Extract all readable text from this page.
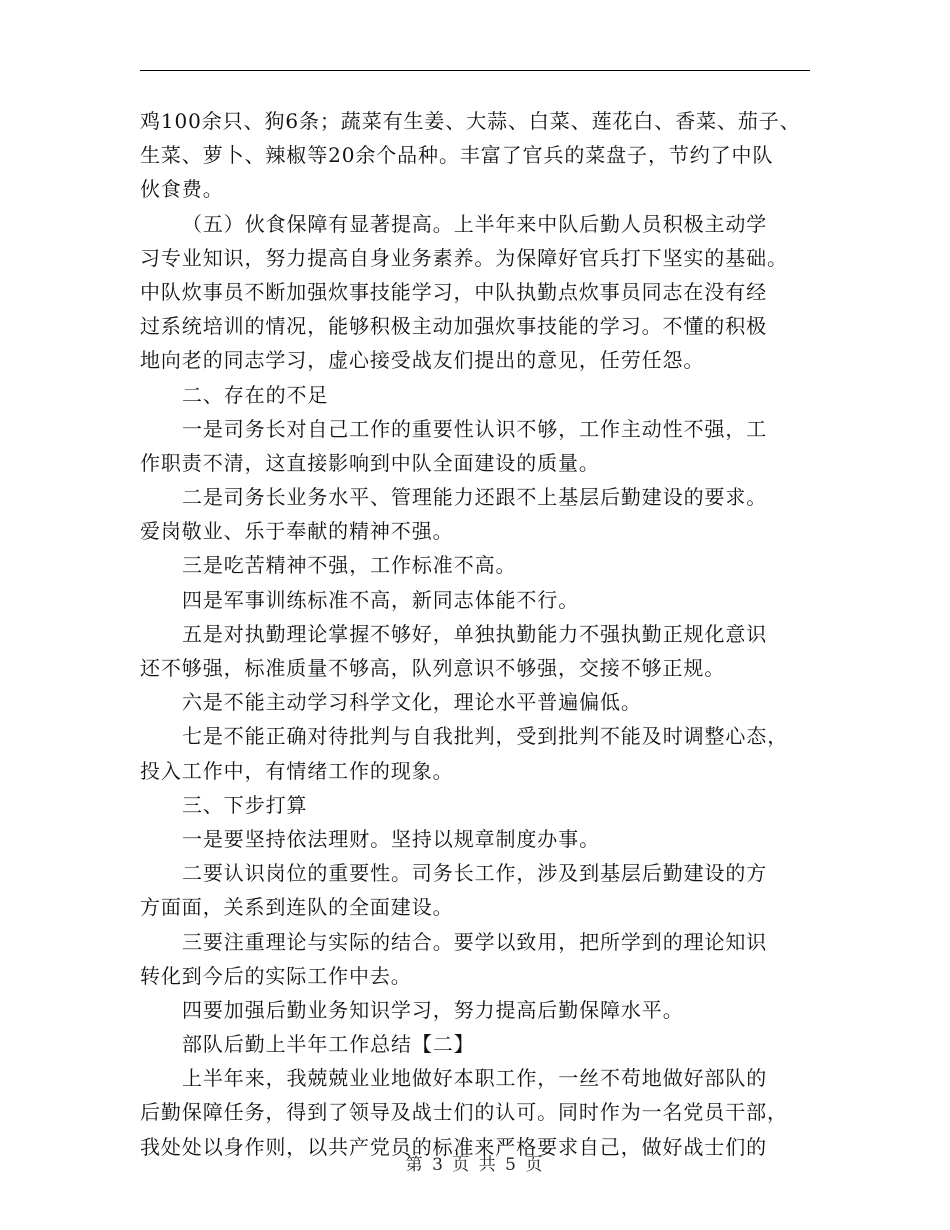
鸡100余只、狗6条；蔬菜有生姜、大蒜、白菜、莲花白、香菜、茄子、
生菜、萝卜、辣椒等20余个品种。丰富了官兵的菜盘子，节约了中队
伙食费。
（五）伙食保障有显著提高。上半年来中队后勤人员积极主动学
习专业知识，努力提高自身业务素养。为保障好官兵打下坚实的基础。
中队炊事员不断加强炊事技能学习，中队执勤点炊事员同志在没有经
过系统培训的情况，能够积极主动加强炊事技能的学习。不懂的积极
地向老的同志学习，虚心接受战友们提出的意见，任劳任怨。
二、存在的不足
一是司务长对自己工作的重要性认识不够，工作主动性不强，工
作职责不清，这直接影响到中队全面建设的质量。
二是司务长业务水平、管理能力还跟不上基层后勤建设的要求。
爱岗敬业、乐于奉献的精神不强。
三是吃苦精神不强，工作标准不高。
四是军事训练标准不高，新同志体能不行。
五是对执勤理论掌握不够好，单独执勤能力不强执勤正规化意识
还不够强，标准质量不够高，队列意识不够强，交接不够正规。
六是不能主动学习科学文化，理论水平普遍偏低。
七是不能正确对待批判与自我批判，受到批判不能及时调整心态，
投入工作中，有情绪工作的现象。
三、下步打算
一是要坚持依法理财。坚持以规章制度办事。
二要认识岗位的重要性。司务长工作，涉及到基层后勤建设的方
方面面，关系到连队的全面建设。
三要注重理论与实际的结合。要学以致用，把所学到的理论知识
转化到今后的实际工作中去。
四要加强后勤业务知识学习，努力提高后勤保障水平。
部队后勤上半年工作总结【二】
上半年来，我兢兢业业地做好本职工作，一丝不苟地做好部队的
后勤保障任务，得到了领导及战士们的认可。同时作为一名党员干部，
我处处以身作则，以共产党员的标准来严格要求自己，做好战士们的
第 3 页 共 5 页
